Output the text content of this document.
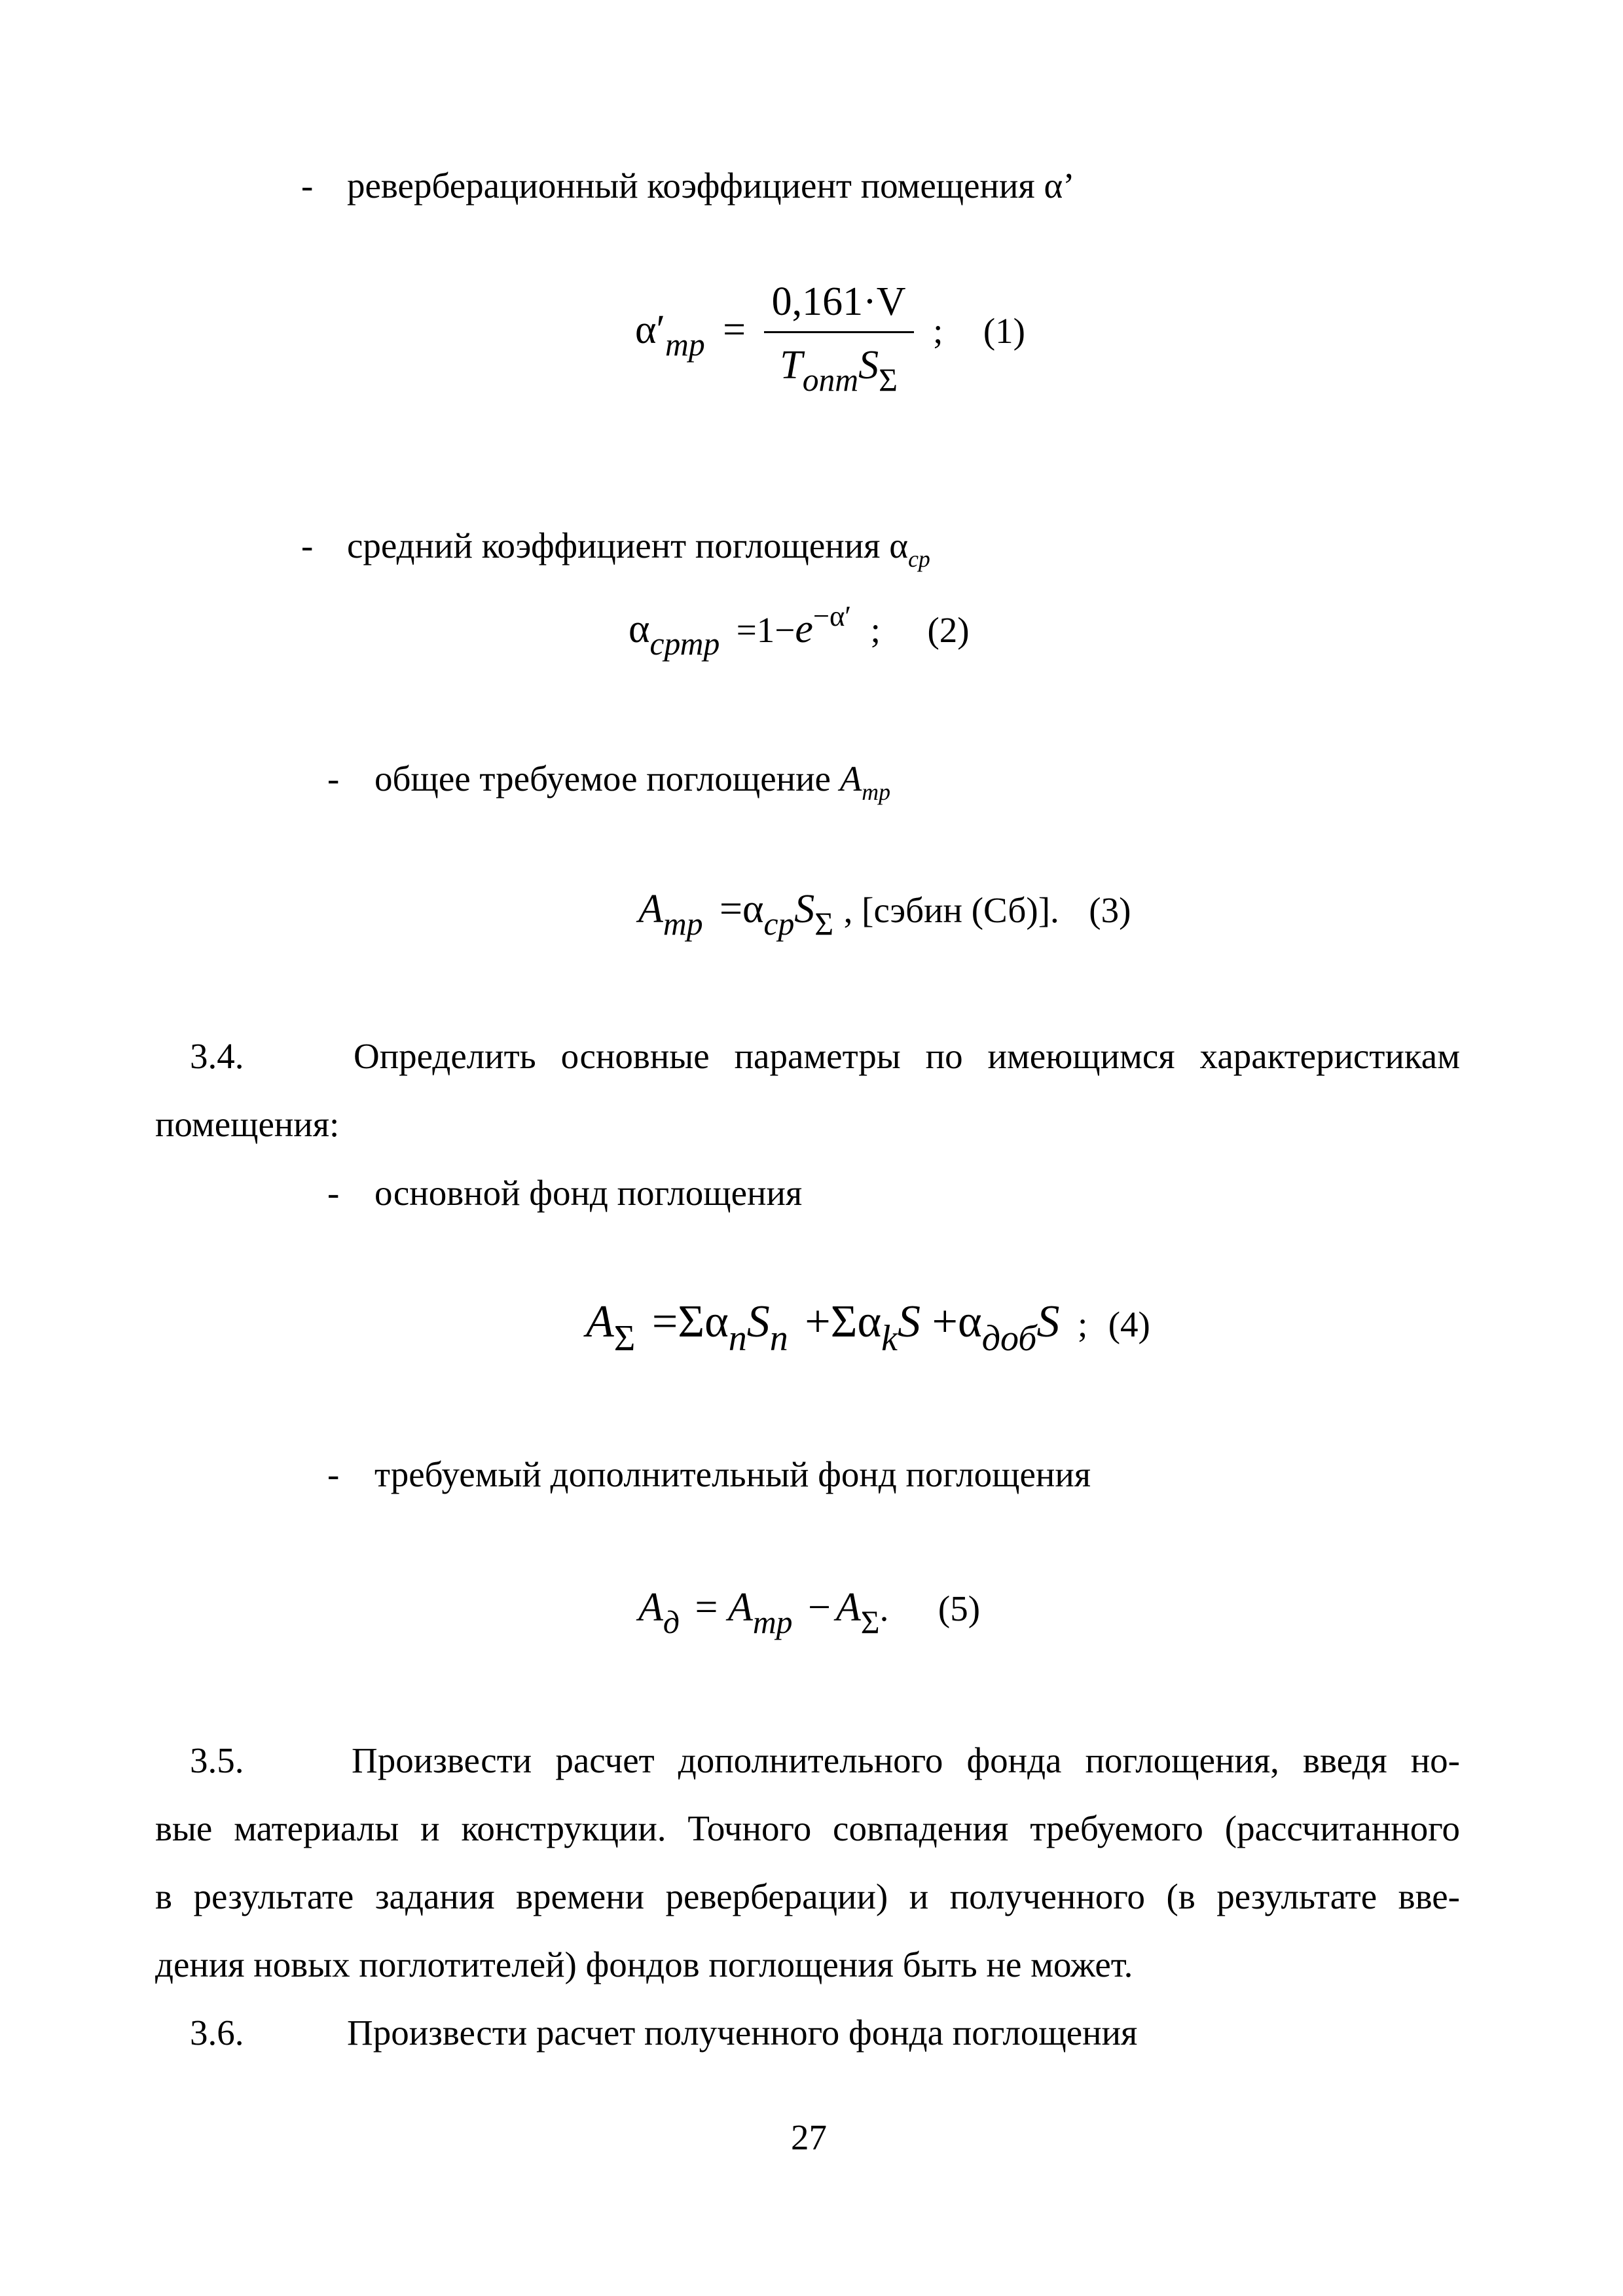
- реверберационный коэффициент помещения α’
$\alpha'_{тр} = \frac{0,161\cdot V}{T_{опт}S_\Sigma}$ ; (1)
- средний коэффициент поглощения $\alpha_{ср}$
$\alpha_{сртр} =1-e^{-\alpha'}$ ; (2)
- общее требуемое поглощение $A_{тр}$
$A_{тр} =\alpha_{ср}S_\Sigma$ , [сэбин (Сб)]. (3)
3.4.	Определить основные параметры по имеющимся характеристикам
помещения:
- основной фонд поглощения
$A_\Sigma =\Sigma\alpha_nS_n +\Sigma\alpha_kS +\alpha_{доб}S$ ; (4)
- требуемый дополнительный фонд поглощения
$A_д = A_{тр} - A_\Sigma$. (5)
3.5.	Произвести расчет дополнительного фонда поглощения, введя но-
вые материалы и конструкции. Точного совпадения требуемого (рассчитанного
в результате задания времени реверберации) и полученного (в результате вве-
дения новых поглотителей) фондов поглощения быть не может.
3.6.	Произвести расчет полученного фонда поглощения
27
